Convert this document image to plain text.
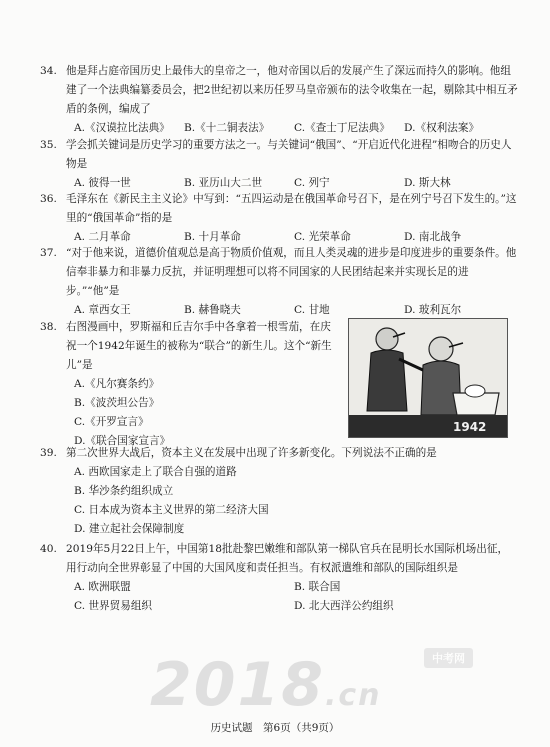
34. 他是拜占庭帝国历史上最伟大的皇帝之一，他对帝国以后的发展产生了深远而持久的影响。他组建了一个法典编纂委员会，把2世纪初以来历任罗马皇帝颁布的法令收集在一起，剔除其中相互矛盾的条例，编成了
A.《汉谟拉比法典》	B.《十二铜表法》	C.《查士丁尼法典》	D.《权利法案》
35. 学会抓关键词是历史学习的重要方法之一。与关键词“俄国”、“开启近代化进程”相吻合的历史人物是
A. 彼得一世	B. 亚历山大二世	C. 列宁	D. 斯大林
36. 毛泽东在《新民主主义论》中写到：“五四运动是在俄国革命号召下，是在列宁号召下发生的。”这里的“俄国革命”指的是
A. 二月革命	B. 十月革命	C. 光荣革命	D. 南北战争
37. “对于他来说，道德价值观总是高于物质价值观，而且人类灵魂的进步是印度进步的重要条件。他信奉非暴力和非暴力反抗，并证明理想可以将不同国家的人民团结起来并实现长足的进步。”“他”是
A. 章西女王	B. 赫鲁晓夫	C. 甘地	D. 玻利瓦尔
38. 右图漫画中，罗斯福和丘吉尔手中各拿着一根雪茄，在庆祝一个1942年诞生的被称为“联合”的新生儿。这个“新生儿”是
A.《凡尔赛条约》
B.《波茨坦公告》
C.《开罗宣言》
D.《联合国家宣言》
1942
39. 第二次世界大战后，资本主义在发展中出现了许多新变化。下列说法不正确的是
A. 西欧国家走上了联合自强的道路
B. 华沙条约组织成立
C. 日本成为资本主义世界的第二经济大国
D. 建立起社会保障制度
40. 2019年5月22日上午，中国第18批赴黎巴嫩维和部队第一梯队官兵在昆明长水国际机场出征，用行动向全世界彰显了中国的大国风度和责任担当。有权派遣维和部队的国际组织是
A. 欧洲联盟	B. 联合国
C. 世界贸易组织	D. 北大西洋公约组织
2018.cn
中考网
历史试题　第6页（共9页）
